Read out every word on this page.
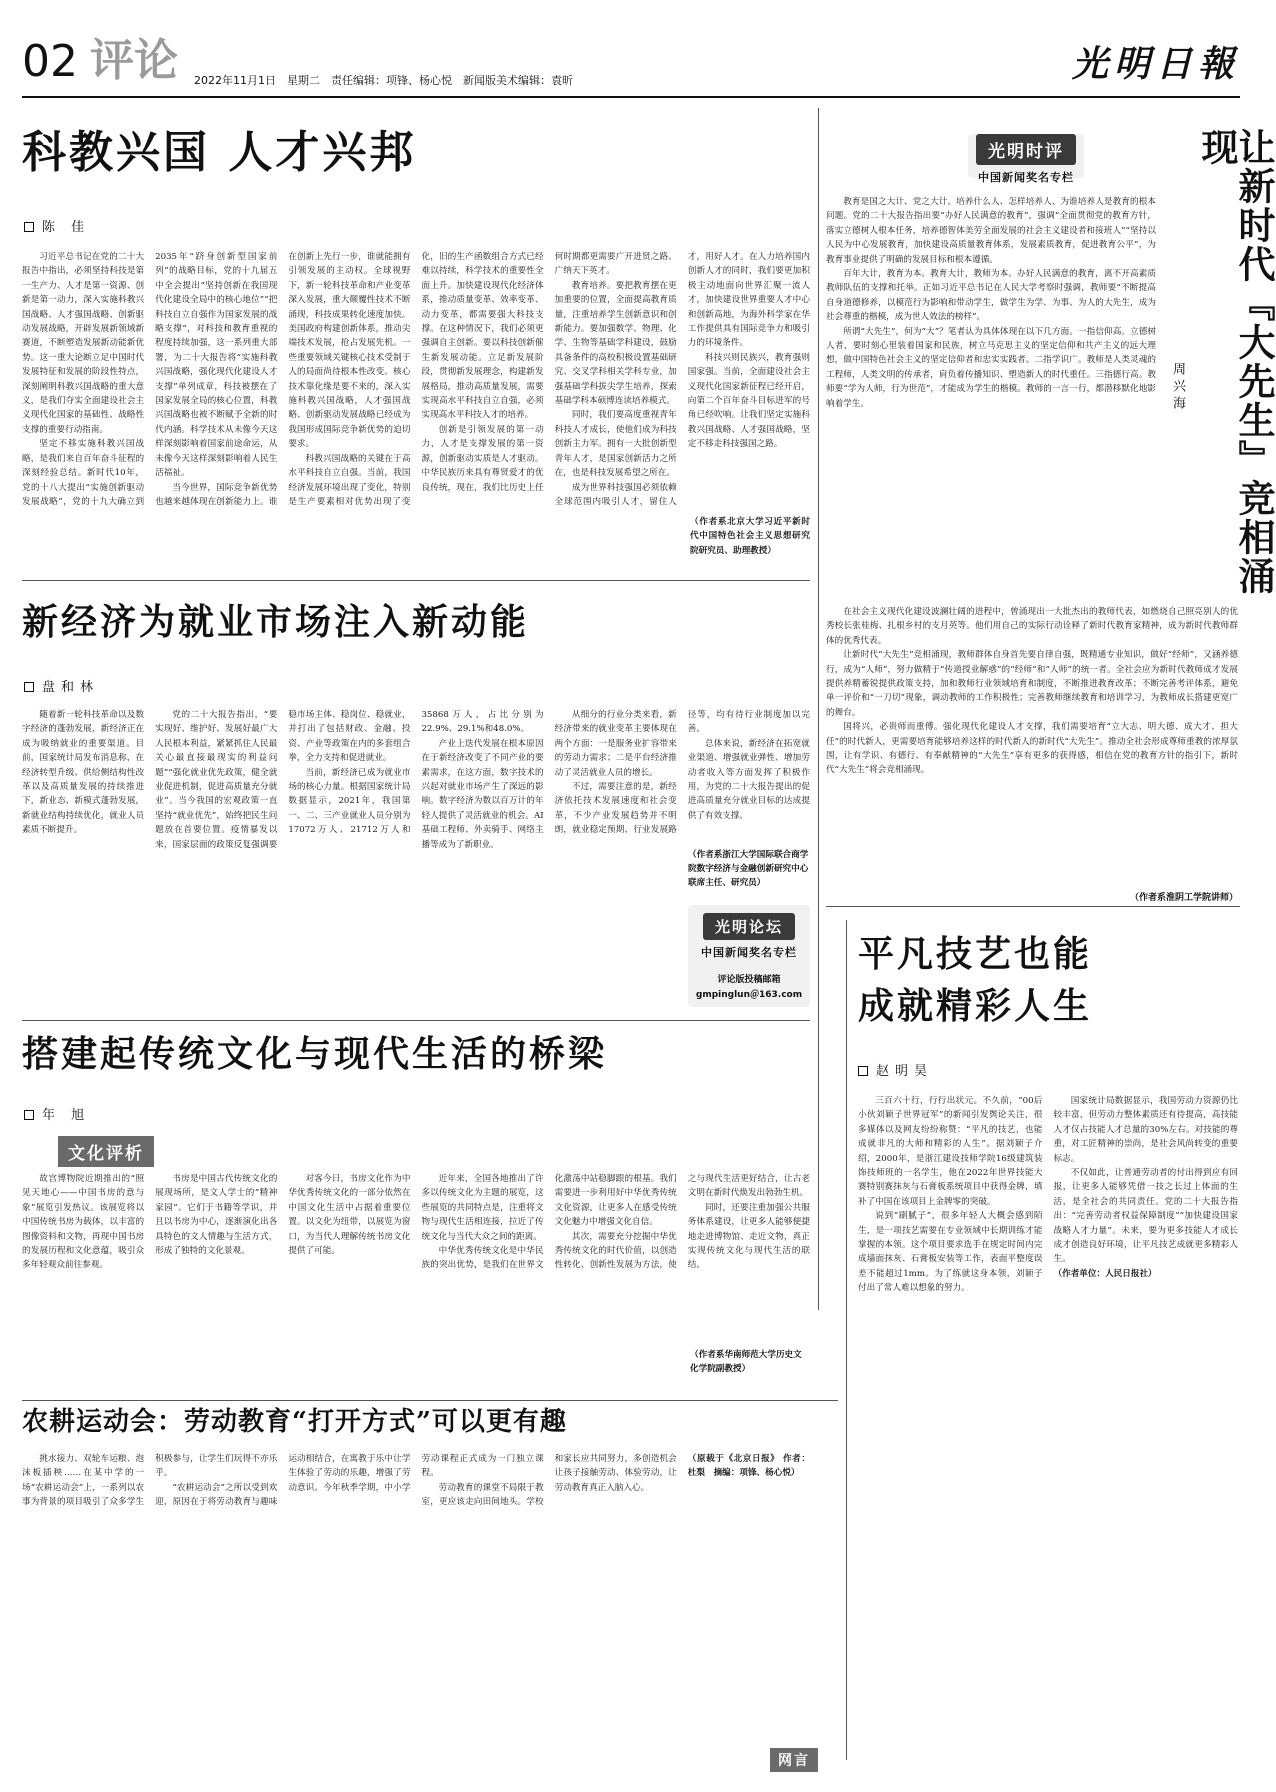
02 评论 2022年11月1日　星期二　责任编辑：项锋、杨心悦　新闻版美术编辑：袁昕	光明日報
科教兴国 人才兴邦
陈 佳

习近平总书记在党的二十大报告中指出，必须坚持科技是第一生产力、人才是第一资源、创新是第一动力，深入实施科教兴国战略、人才强国战略、创新驱动发展战略，开辟发展新领域新赛道，不断塑造发展新动能新优势。这一重大论断立足中国时代发展特征和发展的阶段性特点，深刻阐明科教兴国战略的重大意义，是我们夺实全面建设社会主义现代化国家的基础性、战略性支撑的重要行动指南。

坚定不移实施科教兴国战略，是我们来自百年奋斗征程的深刻经验总结。新时代10年，党的十八大提出“实施创新驱动发展战略”，党的十九大确立到2035年“跻身创新型国家前列”的战略目标，党的十九届五中全会提出“坚持创新在我国现代化建设全局中的核心地位”“把科技自立自强作为国家发展的战略支撑”，对科技和教育重视的程度持续加强，这一系列重大部署，为二十大报告将“实施科教兴国战略，强化现代化建设人才支撑”单列成章，科技被摆在了国家发展全局的核心位置，科教兴国战略也被不断赋予全新的时代内涵。科学技术从未像今天这样深刻影响着国家前途命运，从未像今天这样深刻影响着人民生活福祉。

当今世界，国际竞争新优势也越来越体现在创新能力上。谁在创新上先行一步，谁就能拥有引领发展的主动权。全球视野下，新一轮科技革命和产业变革深入发展，重大颠覆性技术不断涌现，科技成果转化速度加快。美国政府构建创新体系，推动尖端技术发展，抢占发展先机。一些重要领域关键核心技术受制于人的局面尚待根本性改变。核心技术靠化缘是要不来的，深入实施科教兴国战略，人才强国战略、创新驱动发展战略已经成为我国形成国际竞争新优势的迫切要求。

科教兴国战略的关键在于高水平科技自立自强。当前，我国经济发展环境出现了变化，特别是生产要素相对优势出现了变化，旧的生产函数组合方式已经难以持续，科学技术的重要性全面上升。加快建设现代化经济体系，推动质量变革、效率变革、动力变革，都需要强大科技支撑。在这种情况下，我们必须更强调自主创新。要以科技创新催生新发展动能。立足新发展阶段，贯彻新发展理念，构建新发展格局，推动高质量发展，需要实现高水平科技自立自强，必须实现高水平科技人才的培养。

创新是引领发展的第一动力，人才是支撑发展的第一资源，创新驱动实质是人才驱动。中华民族历来具有尊贤爱才的优良传统，现在，我们比历史上任何时期都更需要广开进贤之路、广纳天下英才。

教育培养。要把教育摆在更加重要的位置，全面提高教育质量，注重培养学生创新意识和创新能力。要加强数学、物理、化学、生物等基础学科建设，鼓励具备条件的高校积极设置基础研究、交叉学科相关学科专业，加强基础学科拔尖学生培养，探索基础学科本硕博连读培养模式。

同时，我们要高度重视青年科技人才成长，使他们成为科技创新主力军。拥有一大批创新型青年人才，是国家创新活力之所在，也是科技发展希望之所在。

成为世界科技强国必须依赖全球范围内吸引人才，留住人才，用好人才。在人力培养国内创新人才的同时，我们要更加积极主动地面向世界汇聚一流人才，加快建设世界重要人才中心和创新高地，为海外科学家在华工作提供具有国际竞争力和吸引力的环境条件。

科技兴则民族兴，教育强则国家强。当前，全面建设社会主义现代化国家新征程已经开启，向第二个百年奋斗目标进军的号角已经吹响。让我们坚定实施科教兴国战略、人才强国战略，坚定不移走科技强国之路。

（作者系北京大学习近平新时代中国特色社会主义思想研究院研究员、助理教授）

光明时评
中国新闻奖名专栏	让新时代『大先生』竞相涌现
周兴海

教育是国之大计、党之大计。培养什么人、怎样培养人、为谁培养人是教育的根本问题。党的二十大报告指出要“办好人民满意的教育”，强调“全面贯彻党的教育方针，落实立德树人根本任务，培养德智体美劳全面发展的社会主义建设者和接班人”“坚持以人民为中心发展教育，加快建设高质量教育体系，发展素质教育，促进教育公平”，为教育事业提供了明确的发展目标和根本遵循。

百年大计，教育为本。教育大计，教师为本。办好人民满意的教育，离不开高素质教师队伍的支撑和托举。正如习近平总书记在人民大学考察时强调，教师要“不断提高自身道德修养，以模范行为影响和带动学生，做学生为学、为事、为人的大先生，成为社会尊重的楷模，成为世人效法的榜样”。

所谓“大先生”，何为“大”？笔者认为具体体现在以下几方面。一指信仰高。立德树人者，要时刻心里装着国家和民族，树立马克思主义的坚定信仰和共产主义的远大理想，做中国特色社会主义的坚定信仰者和忠实实践者。二指学识广。教师是人类灵魂的工程师，人类文明的传承者，肩负着传播知识、塑造新人的时代重任。三指德行高。教师要“学为人师，行为世范”，才能成为学生的楷模。教师的一言一行，都潜移默化地影响着学生。

在社会主义现代化建设波澜壮阔的进程中，曾涌现出一大批杰出的教师代表，如燃烧自己照亮别人的优秀校长张桂梅、扎根乡村的支月英等。他们用自己的实际行动诠释了新时代教育家精神，成为新时代教师群体的优秀代表。

让新时代“大先生”竞相涌现，教师群体自身首先要自律自强，既精通专业知识，做好“经师”，又涵养德行，成为“人师”，努力做精于“传道授业解惑”的“经师”和“人师”的统一者。全社会应为新时代教师成才发展提供养精蓄锐提供政策支持，加和教师行业领域培育和制度，不断推进教育改革；不断完善考评体系，避免单一评价和“一刀切”现象，调动教师的工作积极性；完善教师继续教育和培训学习，为教师成长搭建更宽广的舞台。

国将兴，必贵师而重傅。强化现代化建设人才支撑，我们需要培育“立大志、明大德、成大才、担大任”的时代新人，更需要培育能够培养这样的时代新人的新时代“大先生”。推动全社会形成尊师重教的浓厚氛围，让有学识、有德行、有奉献精神的“大先生”享有更多的获得感，相信在党的教育方针的指引下，新时代“大先生”将会竞相涌现。

（作者系淮阴工学院讲师）
新经济为就业市场注入新动能
盘和林

随着新一轮科技革命以及数字经济的蓬勃发展，新经济正在成为吸纳就业的重要渠道。目前，国家统计局发布消息称，在经济转型升级、供给侧结构性改革以及高质量发展的持续推进下，新业态、新模式蓬勃发展，新就业结构持续优化，就业人员素质不断提升。

党的二十大报告指出，“要实现好、维护好、发展好最广大人民根本利益，紧紧抓住人民最关心最直接最现实的利益问题”“强化就业优先政策，健全就业促进机制，促进高质量充分就业”。当今我国的宏观政策一直坚持“就业优先”，始终把民生问题放在首要位置。疫情暴发以来，国家层面的政策反复强调要稳市场主体、稳岗位、稳就业，并打出了包括财政、金融、投资、产业等政策在内的多套组合拳，全力支持和促进就业。

当前，新经济已成为就业市场的核心力量。根据国家统计局数据显示，2021年，我国第一、二、三产业就业人员分别为17072万人、21712万人和35868万人，占比分别为22.9%、29.1%和48.0%。

产业上迭代发展在根本原因在于新经济改变了不同产业的要素需求，在这方面，数字技术的兴起对就业市场产生了深远的影响。数字经济为数以百万计的年轻人提供了灵活就业的机会。AI基础工程师、外卖骑手、网络主播等成为了新职业。

从细分的行业分类来看，新经济带来的就业变革主要体现在两个方面：一是服务业扩容带来的劳动力需求；二是平台经济推动了灵活就业人员的增长。

不过，需要注意的是，新经济依托技术发展速度和社会变革，不少产业发展趋势并不明朗，就业稳定预期、行业发展路径等，均有待行业制度加以完善。

总体来说，新经济在拓宽就业渠道、增强就业弹性、增加劳动者收入等方面发挥了积极作用，为党的二十大报告提出的促进高质量充分就业目标的达成提供了有效支撑。

（作者系浙江大学国际联合商学院数字经济与金融创新研究中心联席主任、研究员）
光明论坛
中国新闻奖名专栏
评论版投稿邮箱
gmpinglun＠163.com
平凡技艺也能
成就精彩人生
赵明昊

三百六十行，行行出状元。不久前，“00后小伙刘颖子世界冠军”的新闻引发舆论关注，很多媒体以及网友纷纷称赞：“平凡的技艺，也能成就非凡的大师和精彩的人生”。据刘颖子介绍，2000年，是浙江建设技师学院16级建筑装饰技师班的一名学生，他在2022年世界技能大赛特别赛抹灰与石膏板系统项目中获得金牌，填补了中国在该项目上金牌零的突破。

说到“刷腻子”，很多年轻人大概会感到陌生，是一项技艺需要在专业领域中长期训练才能掌握的本领。这个项目要求选手在规定时间内完成墙面抹灰、石膏板安装等工作，表面平整度误差不能超过1mm。为了练就这身本领，刘颖子付出了常人难以想象的努力。

国家统计局数据显示，我国劳动力资源仍比较丰富，但劳动力整体素质还有待提高，高技能人才仅占技能人才总量的30%左右。对技能的尊重，对工匠精神的崇尚，是社会风尚转变的重要标志。

不仅如此，让普通劳动者的付出得到应有回报，让更多人能够凭借一技之长过上体面的生活，是全社会的共同责任。党的二十大报告指出：“完善劳动者权益保障制度”“加快建设国家战略人才力量”。未来，要为更多技能人才成长成才创造良好环境，让平凡技艺成就更多精彩人生。

（作者单位：人民日报社）

搭建起传统文化与现代生活的桥梁
年 旭
文化评析

故宫博物院近期推出的“照见天地心——中国书房的意与象”展览引发热议。该展览将以中国传统书房为载体，以丰富的图像资料和文物，再现中国书房的发展历程和文化意蕴，吸引众多年轻观众前往参观。

书房是中国古代传统文化的展现场所，是文人学士的“精神家园”。它们于书籍等学识，并且以书房为中心，逐渐演化出各具特色的文人情趣与生活方式，形成了独特的文化景观。

对客今日，书房文化作为中华优秀传统文化的一部分依然在中国文化生活中占据着重要位置。以文化为纽带，以展览为窗口，为当代人理解传统书房文化提供了可能。

近年来，全国各地推出了许多以传统文化为主题的展览，这些展览的共同特点是，注重将文物与现代生活相连接，拉近了传统文化与当代大众之间的距离。

中华优秀传统文化是中华民族的突出优势，是我们在世界文化激荡中站稳脚跟的根基。我们需要进一步利用好中华优秀传统文化资源，让更多人在感受传统文化魅力中增强文化自信。

其次，需要充分挖掘中华优秀传统文化的时代价值，以创造性转化、创新性发展为方法，使之与现代生活更好结合，让古老文明在新时代焕发出勃勃生机。

同时，还要注重加强公共服务体系建设，让更多人能够便捷地走进博物馆、走近文物，真正实现传统文化与现代生活的联结。

（作者系华南师范大学历史文化学院副教授）
农耕运动会：劳动教育“打开方式”可以更有趣

挑水接力、双轮车运粮、泡沫板插秧……在某中学的一场“农耕运动会”上，一系列以农事为背景的项目吸引了众多学生积极参与，让学生们玩得不亦乐乎。

“农耕运动会”之所以受到欢迎，原因在于将劳动教育与趣味运动相结合，在寓教于乐中让学生体验了劳动的乐趣，增强了劳动意识。今年秋季学期，中小学劳动课程正式成为一门独立课程。

劳动教育的课堂不局限于教室，更应该走向田间地头。学校和家长应共同努力，多创造机会让孩子接触劳动、体验劳动，让劳动教育真正入脑入心。

（原载于《北京日报》 作者：杜梨　摘编：项锋、杨心悦）

网言
